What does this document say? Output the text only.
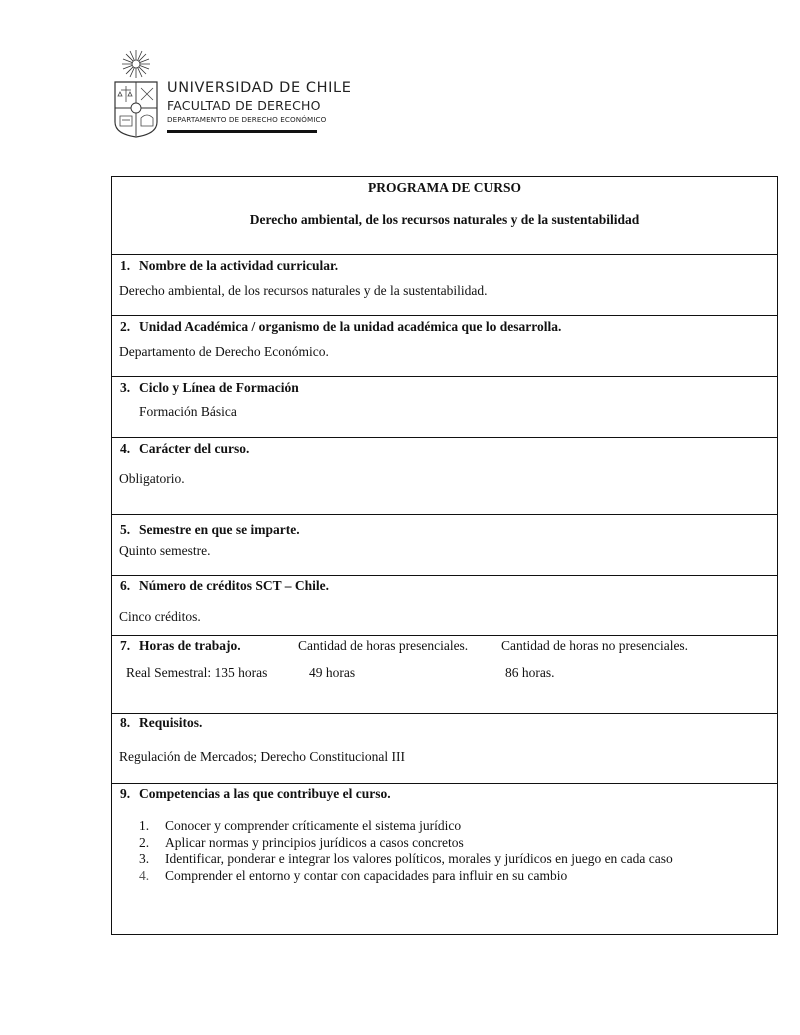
UNIVERSIDAD DE CHILE
FACULTAD DE DERECHO
DEPARTAMENTO DE DERECHO ECONÓMICO
PROGRAMA DE CURSO
Derecho ambiental, de los recursos naturales y de la sustentabilidad
1. Nombre de la actividad curricular.
Derecho ambiental, de los recursos naturales y de la sustentabilidad.
2. Unidad Académica / organismo de la unidad académica que lo desarrolla.
Departamento de Derecho Económico.
3. Ciclo y Línea de Formación
Formación Básica
4. Carácter del curso.
Obligatorio.
5. Semestre en que se imparte.
Quinto semestre.
6. Número de créditos SCT – Chile.
Cinco créditos.
7. Horas de trabajo.	Cantidad de horas presenciales. Cantidad de horas no presenciales.
Real Semestral: 135 horas	49 horas	86 horas.
8. Requisitos.
Regulación de Mercados; Derecho Constitucional III
9. Competencias a las que contribuye el curso.
1. Conocer y comprender críticamente el sistema jurídico
2. Aplicar normas y principios jurídicos a casos concretos
3. Identificar, ponderar e integrar los valores políticos, morales y jurídicos en juego en cada caso
4. Comprender el entorno y contar con capacidades para influir en su cambio
